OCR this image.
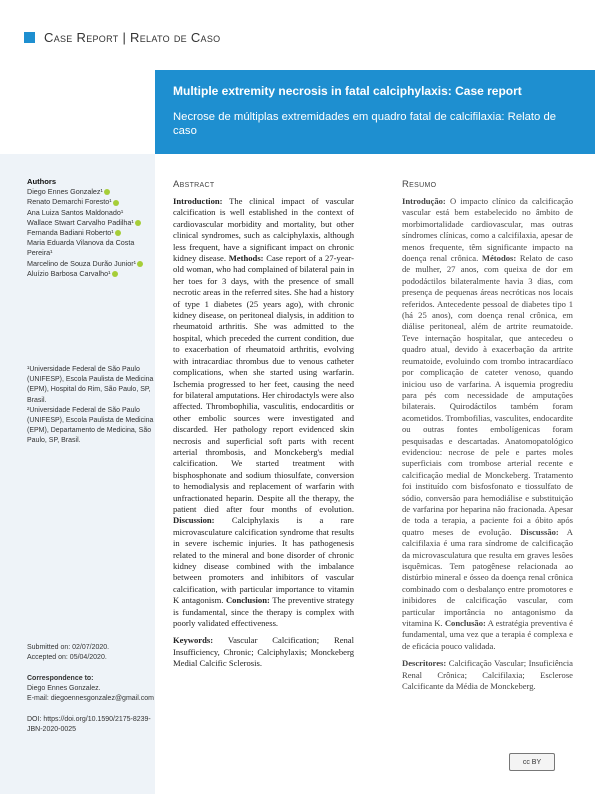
Case Report | Relato de Caso
Multiple extremity necrosis in fatal calciphylaxis: Case report
Necrose de múltiplas extremidades em quadro fatal de calcifilaxia: Relato de caso
Authors
Diego Ennes Gonzalez¹
Renato Demarchi Foresto¹
Ana Luiza Santos Maldonado¹
Wallace Stwart Carvalho Padilha¹
Fernanda Badiani Roberto¹
Maria Eduarda Vilanova da Costa Pereira¹
Marcelino de Souza Durão Junior¹
Aluízio Barbosa Carvalho¹
¹Universidade Federal de São Paulo (UNIFESP), Escola Paulista de Medicina (EPM), Hospital do Rim, São Paulo, SP, Brasil.
²Universidade Federal de São Paulo (UNIFESP), Escola Paulista de Medicina (EPM), Departamento de Medicina, São Paulo, SP, Brasil.
Submitted on: 02/07/2020.
Accepted on: 05/04/2020.
Correspondence to:
Diego Ennes Gonzalez.
E-mail: diegoennesgonzalez@gmail.com
DOI: https://doi.org/10.1590/2175-8239-JBN-2020-0025
Abstract

Introduction: The clinical impact of vascular calcification is well established in the context of cardiovascular morbidity and mortality, but other clinical syndromes, such as calciphylaxis, although less frequent, have a significant impact on chronic kidney disease. Methods: Case report of a 27-year-old woman, who had complained of bilateral pain in her toes for 3 days, with the presence of small necrotic areas in the referred sites. She had a history of type 1 diabetes (25 years ago), with chronic kidney disease, on peritoneal dialysis, in addition to rheumatoid arthritis. She was admitted to the hospital, which preceded the current condition, due to exacerbation of rheumatoid arthritis, evolving with intracardiac thrombus due to venous catheter complications, when she started using warfarin. Ischemia progressed to her feet, causing the need for bilateral amputations. Her chirodactyls were also affected. Thrombophilia, vasculitis, endocarditis or other embolic sources were investigated and discarded. Her pathology report evidenced skin necrosis and superficial soft parts with recent arterial thrombosis, and Monckeberg's medial calcification. We started treatment with bisphosphonate and sodium thiosulfate, conversion to hemodialysis and replacement of warfarin with unfractionated heparin. Despite all the therapy, the patient died after four months of evolution. Discussion: Calciphylaxis is a rare microvasculature calcification syndrome that results in severe ischemic injuries. It has pathogenesis related to the mineral and bone disorder of chronic kidney disease combined with the imbalance between promoters and inhibitors of vascular calcification, with particular importance to vitamin K antagonism. Conclusion: The preventive strategy is fundamental, since the therapy is complex with poorly validated effectiveness.

Keywords: Vascular Calcification; Renal Insufficiency, Chronic; Calciphylaxis; Monckeberg Medial Calcific Sclerosis.

Resumo

Introdução: O impacto clínico da calcificação vascular está bem estabelecido no âmbito de morbimortalidade cardiovascular, mas outras síndromes clínicas, como a calcifilaxia, apesar de menos frequente, têm significante impacto na doença renal crônica. Métodos: Relato de caso de mulher, 27 anos, com queixa de dor em pododáctilos bilateralmente havia 3 dias, com presença de pequenas áreas necróticas nos locais referidos. Antecedente pessoal de diabetes tipo 1 (há 25 anos), com doença renal crônica, em diálise peritoneal, além de artrite reumatoide. Teve internação hospitalar, que antecedeu o quadro atual, devido à exacerbação da artrite reumatoide, evoluindo com trombo intracardíaco por complicação de cateter venoso, quando iniciou uso de varfarina. A isquemia progrediu para pés com necessidade de amputações bilaterais. Quirodáctilos também foram acometidos. Trombofilias, vasculites, endocardite ou outras fontes embolígenicas foram pesquisadas e descartadas. Anatomopatológico evidenciou: necrose de pele e partes moles superficiais com trombose arterial recente e calcificação medial de Monckeberg. Tratamento foi instituído com bisfosfonato e tiossulfato de sódio, conversão para hemodiálise e substituição de varfarina por heparina não fracionada. Apesar de toda a terapia, a paciente foi a óbito após quatro meses de evolução. Discussão: A calcifilaxia é uma rara síndrome de calcificação da microvasculatura que resulta em graves lesões isquêmicas. Tem patogênese relacionada ao distúrbio mineral e ósseo da doença renal crônica combinado com o desbalanço entre promotores e inibidores de calcificação vascular, com particular importância no antagonismo da vitamina K. Conclusão: A estratégia preventiva é fundamental, uma vez que a terapia é complexa e de eficácia pouco validada.

Descritores: Calcificação Vascular; Insuficiência Renal Crônica; Calcifilaxia; Esclerose Calcificante da Média de Monckeberg.

cc BY
